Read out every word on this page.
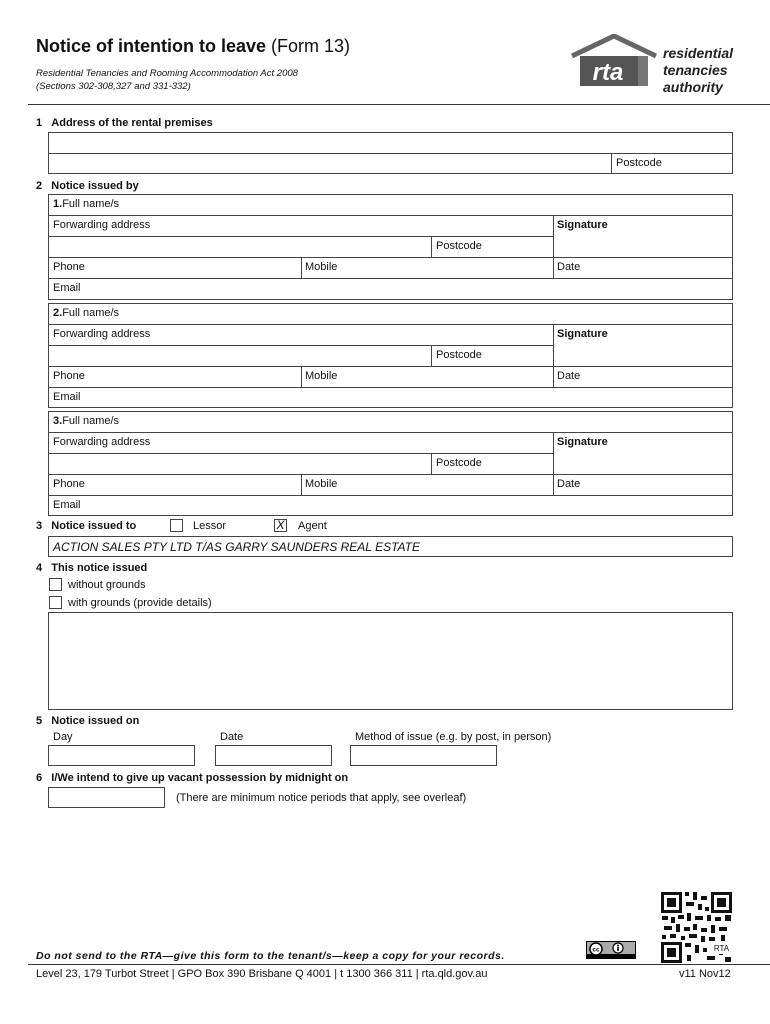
Notice of intention to leave (Form 13)
Residential Tenancies and Rooming Accommodation Act 2008
(Sections 302-308,327 and 331-332)
rta
residential
tenancies
authority
1 Address of the rental premises
Postcode
2 Notice issued by
1.Full name/s
Forwarding address	Signature
Postcode
Phone	Mobile	Date
Email
2.Full name/s
Forwarding address	Signature
Postcode
Phone	Mobile	Date
Email
3.Full name/s
Forwarding address	Signature
Postcode
Phone	Mobile	Date
Email
3 Notice issued to	Lessor	X Agent
ACTION SALES PTY LTD T/AS GARRY SAUNDERS REAL ESTATE
4 This notice issued
without grounds
with grounds (provide details)
5 Notice issued on
Day	Date	Method of issue (e.g. by post, in person)
6 I/We intend to give up vacant possession by midnight on
(There are minimum notice periods that apply, see overleaf)
RTA
cc
Do not send to the RTA—give this form to the tenant/s—keep a copy for your records.
Level 23, 179 Turbot Street | GPO Box 390 Brisbane Q 4001 | t 1300 366 311 | rta.qld.gov.au	v11 Nov12
